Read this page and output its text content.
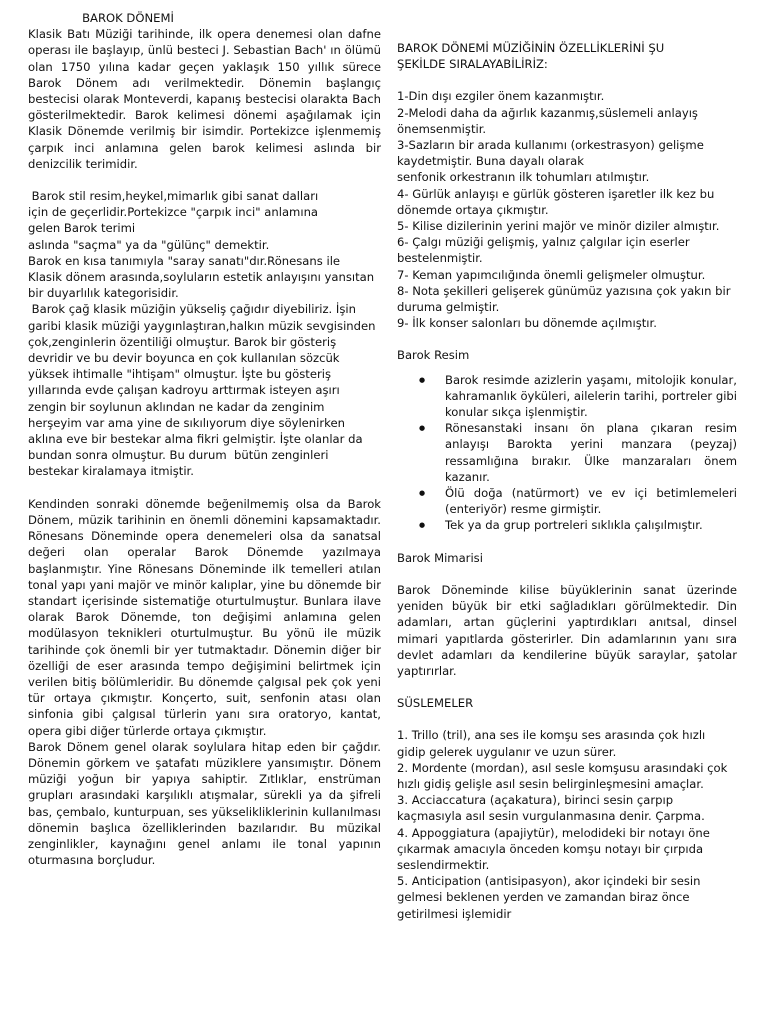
BAROK DÖNEMİ

Klasik Batı Müziği tarihinde, ilk opera denemesi olan dafne operası ile başlayıp, ünlü besteci J. Sebastian Bach' ın ölümü olan 1750 yılına kadar geçen yaklaşık 150 yıllık sürece Barok Dönem adı verilmektedir. Dönemin başlangıç bestecisi olarak Monteverdi, kapanış bestecisi olarakta Bach gösterilmektedir. Barok kelimesi dönemi aşağılamak için Klasik Dönemde verilmiş bir isimdir. Portekizce işlenmemiş çarpık inci anlamına gelen barok kelimesi aslında bir denizcilik terimidir.

Barok stil resim,heykel,mimarlık gibi sanat dalları

için de geçerlidir.Portekizce "çarpık inci" anlamına

gelen Barok terimi

aslında "saçma" ya da "gülünç" demektir.

Barok en kısa tanımıyla "saray sanatı"dır.Rönesans ile

Klasik dönem arasında,soyluların estetik anlayışını yansıtan

bir duyarlılık kategorisidir.

Barok çağ klasik müziğin yükseliş çağıdır diyebiliriz. İşin

garibi klasik müziği yaygınlaştıran,halkın müzik sevgisinden

çok,zenginlerin özentiliği olmuştur. Barok bir gösteriş

devridir ve bu devir boyunca en çok kullanılan sözcük

yüksek ihtimalle "ihtişam" olmuştur. İşte bu gösteriş

yıllarında evde çalışan kadroyu arttırmak isteyen aşırı

zengin bir soylunun aklından ne kadar da zenginim

herşeyim var ama yine de sıkılıyorum diye söylenirken

aklına eve bir bestekar alma fikri gelmiştir. İşte olanlar da

bundan sonra olmuştur. Bu durum  bütün zenginleri

bestekar kiralamaya itmiştir.

Kendinden sonraki dönemde beğenilmemiş olsa da Barok Dönem, müzik tarihinin en önemli dönemini kapsamaktadır. Rönesans Döneminde opera denemeleri olsa da sanatsal değeri olan operalar Barok Dönemde yazılmaya başlanmıştır. Yine Rönesans Döneminde ilk temelleri atılan tonal yapı yani majör ve minör kalıplar, yine bu dönemde bir standart içerisinde sistematiğe oturtulmuştur. Bunlara ilave olarak Barok Dönemde, ton değişimi anlamına gelen modülasyon teknikleri oturtulmuştur. Bu yönü ile müzik tarihinde çok önemli bir yer tutmaktadır. Dönemin diğer bir özelliği de eser arasında tempo değişimini belirtmek için verilen bitiş bölümleridir. Bu dönemde çalgısal pek çok yeni tür ortaya çıkmıştır. Konçerto, suit, senfonin atası olan sinfonia gibi çalgısal türlerin yanı sıra oratoryo, kantat, opera gibi diğer türlerde ortaya çıkmıştır.

Barok Dönem genel olarak soylulara hitap eden bir çağdır. Dönemin görkem ve şatafatı müziklere yansımıştır. Dönem müziği yoğun bir yapıya sahiptir. Zıtlıklar, enstrüman grupları arasındaki karşılıklı atışmalar, sürekli ya da şifreli bas, çembalo, kunturpuan, ses yükselikliklerinin kullanılması dönemin başlıca özelliklerinden bazılarıdır. Bu müzikal zenginlikler, kaynağını genel anlamı ile tonal yapının oturmasına borçludur.

BAROK DÖNEMİ MÜZİĞİNİN ÖZELLİKLERİNİ ŞU

ŞEKİLDE SIRALAYABİLİRİZ:

1-Din dışı ezgiler önem kazanmıştır.

2-Melodi daha da ağırlık kazanmış,süslemeli anlayış

önemsenmiştir.

3-Sazların bir arada kullanımı (orkestrasyon) gelişme

kaydetmiştir. Buna dayalı olarak

senfonik orkestranın ilk tohumları atılmıştır.

4- Gürlük anlayışı e gürlük gösteren işaretler ilk kez bu

dönemde ortaya çıkmıştır.

5- Kilise dizilerinin yerini majör ve minör diziler almıştır.

6- Çalgı müziği gelişmiş, yalnız çalgılar için eserler

bestelenmiştir.

7- Keman yapımcılığında önemli gelişmeler olmuştur.

8- Nota şekilleri gelişerek günümüz yazısına çok yakın bir

duruma gelmiştir.

9- İlk konser salonları bu dönemde açılmıştır.

Barok Resim

● Barok resimde azizlerin yaşamı, mitolojik konular, kahramanlık öyküleri, ailelerin tarihi, portreler gibi konular sıkça işlenmiştir.
● Rönesanstaki insanı ön plana çıkaran resim anlayışı Barokta yerini manzara (peyzaj) ressamlığına bırakır. Ülke manzaraları önem kazanır.
● Ölü doğa (natürmort) ve ev içi betimlemeleri (enteriyör) resme girmiştir.
● Tek ya da grup portreleri sıklıkla çalışılmıştır.

Barok Mimarisi

Barok Döneminde kilise büyüklerinin sanat üzerinde yeniden büyük bir etki sağladıkları görülmektedir. Din adamları, artan güçlerini yaptırdıkları anıtsal, dinsel mimari yapıtlarda gösterirler. Din adamlarının yanı sıra devlet adamları da kendilerine büyük saraylar, şatolar yaptırırlar.

SÜSLEMELER

1. Trillo (tril), ana ses ile komşu ses arasında çok hızlı

gidip gelerek uygulanır ve uzun sürer.

2. Mordente (mordan), asıl sesle komşusu arasındaki çok

hızlı gidiş gelişle asıl sesin belirginleşmesini amaçlar.

3. Acciaccatura (açakatura), birinci sesin çarpıp

kaçmasıyla asıl sesin vurgulanmasına denir. Çarpma.

4. Appoggiatura (apajiytür), melodideki bir notayı öne

çıkarmak amacıyla önceden komşu notayı bir çırpıda

seslendirmektir.

5. Anticipation (antisipasyon), akor içindeki bir sesin

gelmesi beklenen yerden ve zamandan biraz önce

getirilmesi işlemidir
